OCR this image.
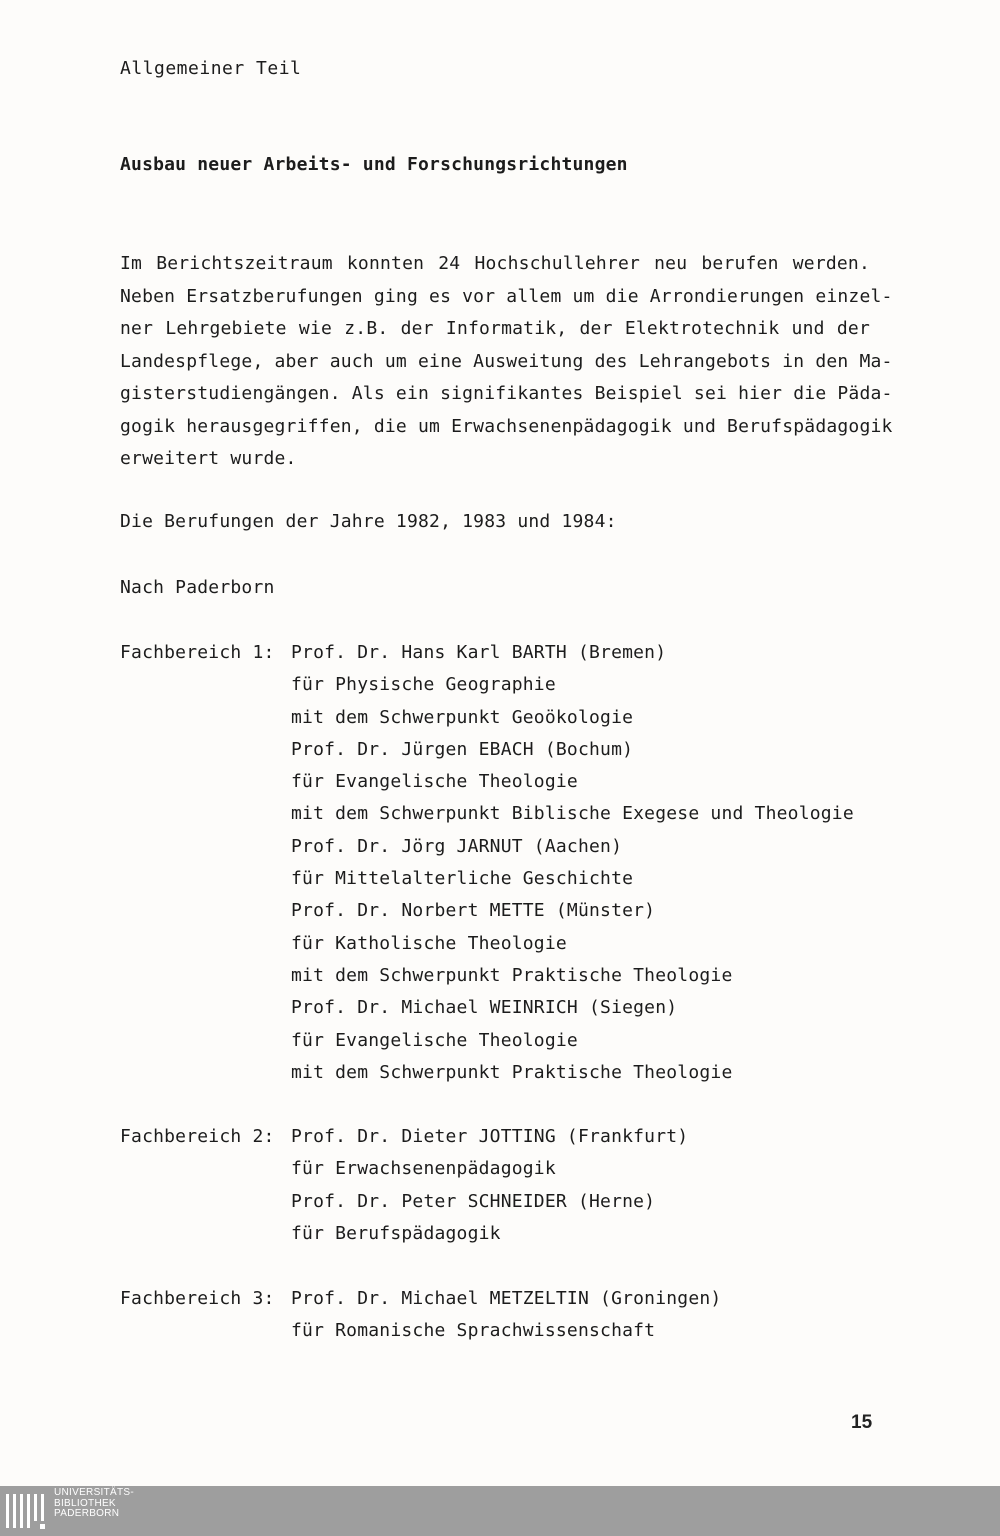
Allgemeiner Teil
Ausbau neuer Arbeits- und Forschungsrichtungen

Im Berichtszeitraum konnten 24 Hochschullehrer neu berufen werden.
Neben Ersatzberufungen ging es vor allem um die Arrondierungen einzel-
ner Lehrgebiete wie z.B. der Informatik, der Elektrotechnik und der
Landespflege, aber auch um eine Ausweitung des Lehrangebots in den Ma-
gisterstudiengängen. Als ein signifikantes Beispiel sei hier die Päda-
gogik herausgegriffen, die um Erwachsenenpädagogik und Berufspädagogik
erweitert wurde.

Die Berufungen der Jahre 1982, 1983 und 1984:
Nach Paderborn
Fachbereich 1: Prof. Dr. Hans Karl BARTH (Bremen)
für Physische Geographie
mit dem Schwerpunkt Geoökologie
Prof. Dr. Jürgen EBACH (Bochum)
für Evangelische Theologie
mit dem Schwerpunkt Biblische Exegese und Theologie
Prof. Dr. Jörg JARNUT (Aachen)
für Mittelalterliche Geschichte
Prof. Dr. Norbert METTE (Münster)
für Katholische Theologie
mit dem Schwerpunkt Praktische Theologie
Prof. Dr. Michael WEINRICH (Siegen)
für Evangelische Theologie
mit dem Schwerpunkt Praktische Theologie
Fachbereich 2: Prof. Dr. Dieter JOTTING (Frankfurt)
für Erwachsenenpädagogik
Prof. Dr. Peter SCHNEIDER (Herne)
für Berufspädagogik
Fachbereich 3: Prof. Dr. Michael METZELTIN (Groningen)
für Romanische Sprachwissenschaft
15
UNIVERSITÄTS-
BIBLIOTHEK
PADERBORN
